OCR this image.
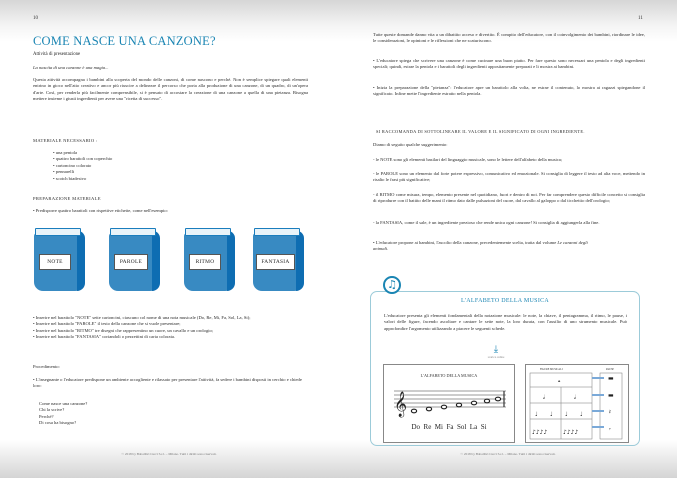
10
COME NASCE UNA CANZONE?
Attività di presentazione
La nascita di una canzone è una magia...
Questa attività accompagna i bambini alla scoperta del mondo delle canzoni, di come nascono e perché. Non è semplice spiegare quali elementi entrino in gioco nell'atto creativo e ancor più riuscire a delineare il percorso che porta alla produzione di una canzone, di un quadro, di un'opera d'arte. Così, per renderla più facilmente comprensibile, si è pensato di accostare la creazione di una canzone a quella di una pietanza. Bisogna mettere insieme i giusti ingredienti per avere una "ricetta di successo".
MATERIALE NECESSARIO :
• una pentola
• quattro barattoli con coperchio
• cartoncino colorato
• pennarelli
• scotch biadesivo
PREPARAZIONE MATERIALE
• Predisporre quattro barattoli con rispettive etichette, come nell'esempio:
NOTE	PAROLE	RITMO	FANTASIA
• Inserire nel barattolo "NOTE" sette cartoncini, ciascuno col nome di una nota musicale (Do, Re, Mi, Fa, Sol, La, Si);
• Inserire nel barattolo "PAROLE" il testo della canzone che si vuole presentare;
• Inserire nel barattolo "RITMO" tre disegni che rappresentino un cuore, un cavallo e un orologio;
• Inserire nel barattolo "FANTASIA" coriandoli o pezzettini di carta colorata.
Procedimento:
• L'insegnante o l'educatore predispone un ambiente accogliente e rilassato per presentare l'attività, fa sedere i bambini disposti in cerchio e chiede loro:
Come nasce una canzone?
Chi la scrive?
Perché?
Di cosa ha bisogno?
© 2018 by Babalibri Curci S.r.l. – Milano. Tutti i diritti sono riservati.
11
Tutte queste domande danno vita a un dibattito acceso e divertito. È compito dell'educatore, con il coinvolgimento dei bambini, riordinare le idee, le considerazioni, le opinioni e le riflessioni che ne scaturiscono.
• L'educatore spiega che scrivere una canzone è come cucinare una buon piatto. Per fare questo sono necessari una pentola e degli ingredienti speciali; quindi, estrae la pentola e i barattoli degli ingredienti appositamente preparati e li mostra ai bambini.
• Inizia la preparazione della "pietanza": l'educatore apre un barattolo alla volta, ne estrae il contenuto, lo mostra ai ragazzi spiegandone il significato. Infine mette l'ingrediente estratto nella pentola.
SI RACCOMANDA DI SOTTOLINEARE IL VALORE E IL SIGNIFICATO DI OGNI INGREDIENTE.
Diamo di seguito qualche suggerimento:
- le NOTE sono gli elementi basilari del linguaggio musicale, sono le lettere dell'alfabeto della musica;
- le PAROLE sono un elemento dal forte potere espressivo, comunicativo ed emozionale. Si consiglia di leggere il testo ad alta voce, mettendo in risalto le frasi più significative;
- il RITMO come misura, tempo, elemento presente nel quotidiano, fuori e dentro di noi. Per far comprendere questo difficile concetto si consiglia di riprodurre con il battito delle mani il ritmo dato dalle pulsazioni del cuore, dal cavallo al galoppo o dal ticchettio dell'orologio;
- la FANTASIA, come il sale, è un ingrediente prezioso che rende unica ogni canzone! Si consiglia di aggiungerla alla fine.
• L'educatore propone ai bambini, l'ascolto della canzone, precedentemente scelta, tratta dal volume Le canzoni degli animali.
♫
L'ALFABETO DELLA MUSICA
L'educatore presenta gli elementi fondamentali della notazione musicale: le note, la chiave, il pentagramma, il ritmo, le pause, i valori delle figure, facendo ascoltare e cantare le sette note, la loro durata, con l'ausilio di uno strumento musicale. Può approfondire l'argomento utilizzando a piacere le seguenti schede.
⤓
scarica online
L'ALFABETO DELLA MUSICA
𝄞
Do  Re  Mi  Fa  Sol  La  Si
FIGURE MUSICALI	PAUSE
𝅝
𝅗𝅥	𝅗𝅥
♩ ♩ ♩ ♩
♪♪♪♪	♪♪♪♪
▬
▬
𝄽
𝄾
© 2018 by Babalibri Curci S.r.l. – Milano. Tutti i diritti sono riservati.
